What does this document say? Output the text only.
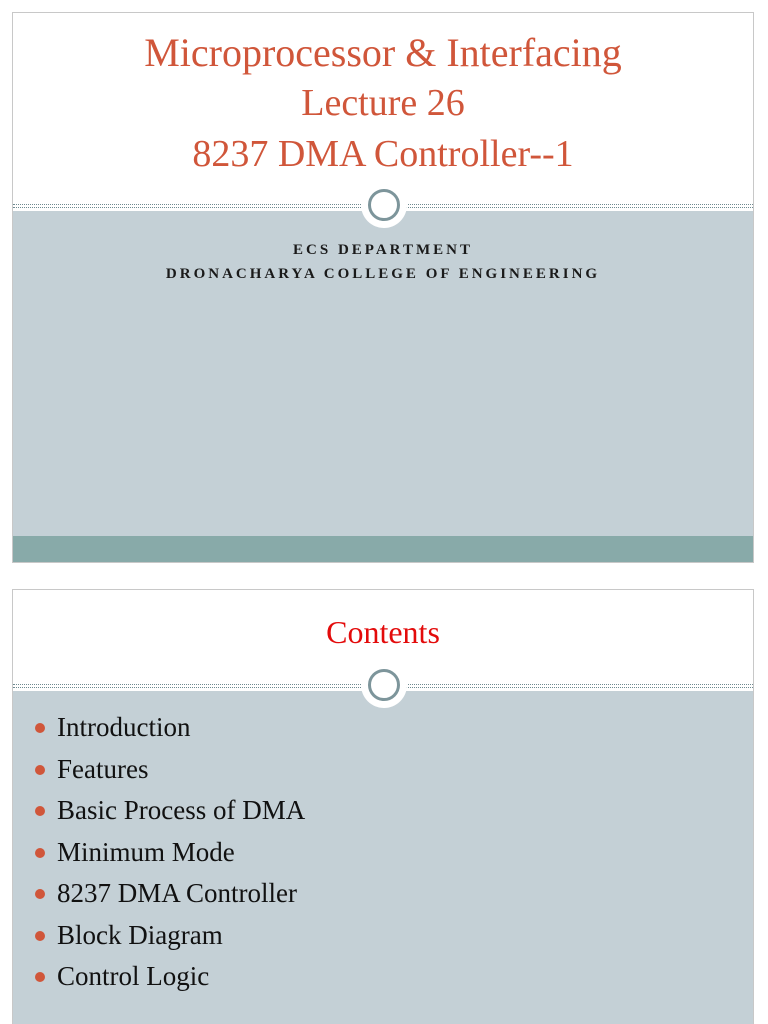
Microprocessor & Interfacing
Lecture 26
8237 DMA Controller--1

ECS DEPARTMENT

DRONACHARYA COLLEGE OF ENGINEERING

Contents
Introduction
Features
Basic Process of DMA
Minimum Mode
8237 DMA Controller
Block Diagram
Control Logic
